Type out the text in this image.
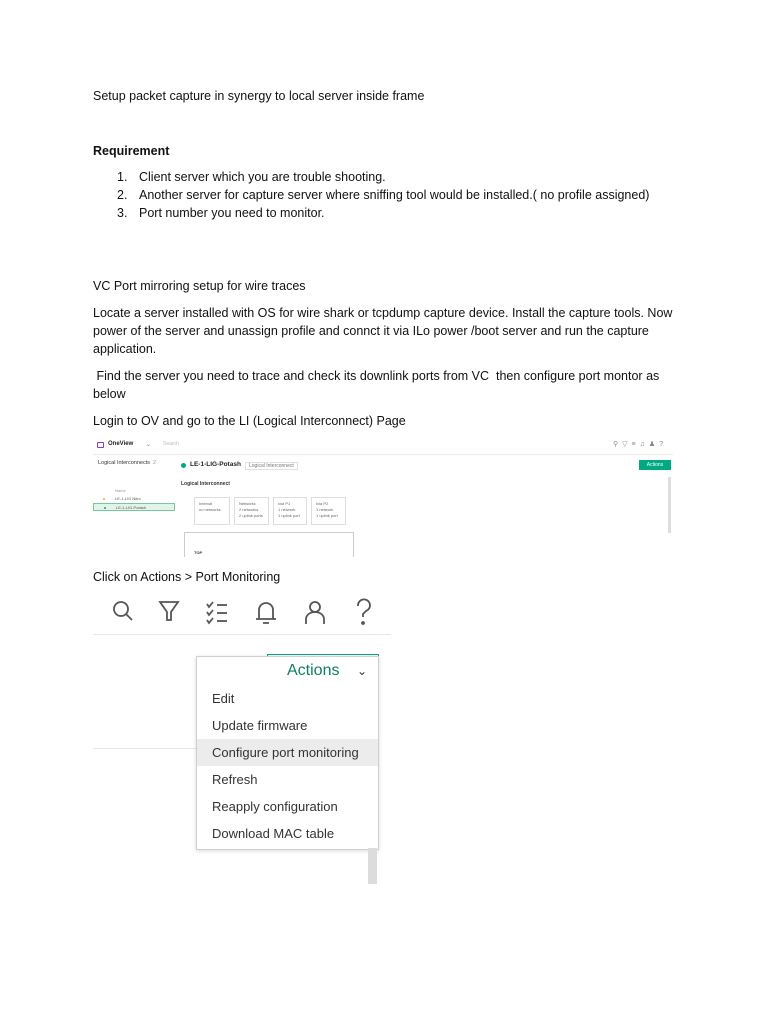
Setup packet capture in synergy to local server inside frame
Requirement
1. Client server which you are trouble shooting.
2. Another server for capture server where sniffing tool would be installed.( no profile assigned)
3. Port number you need to monitor.
VC Port mirroring setup for wire traces
Locate a server installed with OS for wire shark or tcpdump capture device. Install the capture tools. Now power of the server and unassign profile and connct it via ILo power /boot server and run the capture application.
Find the server you need to trace and check its downlink ports from VC  then configure port montor as below
Login to OV and go to the LI (Logical Interconnect) Page
OneView ⌄ Search	⚲▽≡♫♟?
Logical Interconnects 2
Name
LE-1-LIG Nitro
LE-1-LIG-Potash
LE-1-LIG-Potash	Logical Interconnect	Actions
Logical Interconnect
Interval
no networks
Networks
2 networks
2 uplink ports
Ixia P1
1 network
1 uplink port
Ixia P2
1 network
1 uplink port
TOP
Click on Actions > Port Monitoring
Actions ⌄
Edit
Update firmware
Configure port monitoring
Refresh
Reapply configuration
Download MAC table
